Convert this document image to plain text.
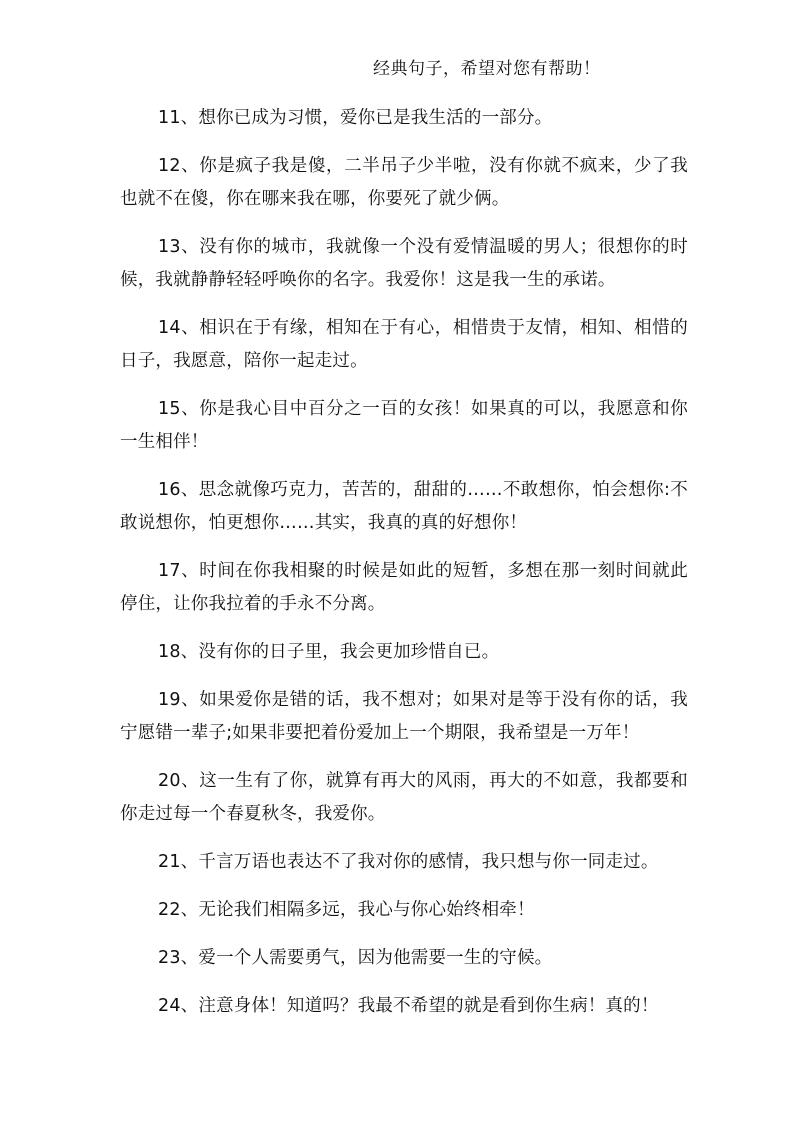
经典句子，希望对您有帮助！

11、想你已成为习惯，爱你已是我生活的一部分。

12、你是疯子我是傻，二半吊子少半啦，没有你就不疯来，少了我也就不在傻，你在哪来我在哪，你要死了就少俩。

13、没有你的城市，我就像一个没有爱情温暖的男人；很想你的时候，我就静静轻轻呼唤你的名字。我爱你！这是我一生的承诺。

14、相识在于有缘，相知在于有心，相惜贵于友情，相知、相惜的日子，我愿意，陪你一起走过。

15、你是我心目中百分之一百的女孩！如果真的可以，我愿意和你一生相伴！

16、思念就像巧克力，苦苦的，甜甜的……不敢想你，怕会想你:不敢说想你，怕更想你……其实，我真的真的好想你！

17、时间在你我相聚的时候是如此的短暂，多想在那一刻时间就此停住，让你我拉着的手永不分离。

18、没有你的日子里，我会更加珍惜自已。

19、如果爱你是错的话，我不想对；如果对是等于没有你的话，我宁愿错一辈子;如果非要把着份爱加上一个期限，我希望是一万年！

20、这一生有了你，就算有再大的风雨，再大的不如意，我都要和你走过每一个春夏秋冬，我爱你。

21、千言万语也表达不了我对你的感情，我只想与你一同走过。

22、无论我们相隔多远，我心与你心始终相牵！

23、爱一个人需要勇气，因为他需要一生的守候。

24、注意身体！知道吗？我最不希望的就是看到你生病！真的！
